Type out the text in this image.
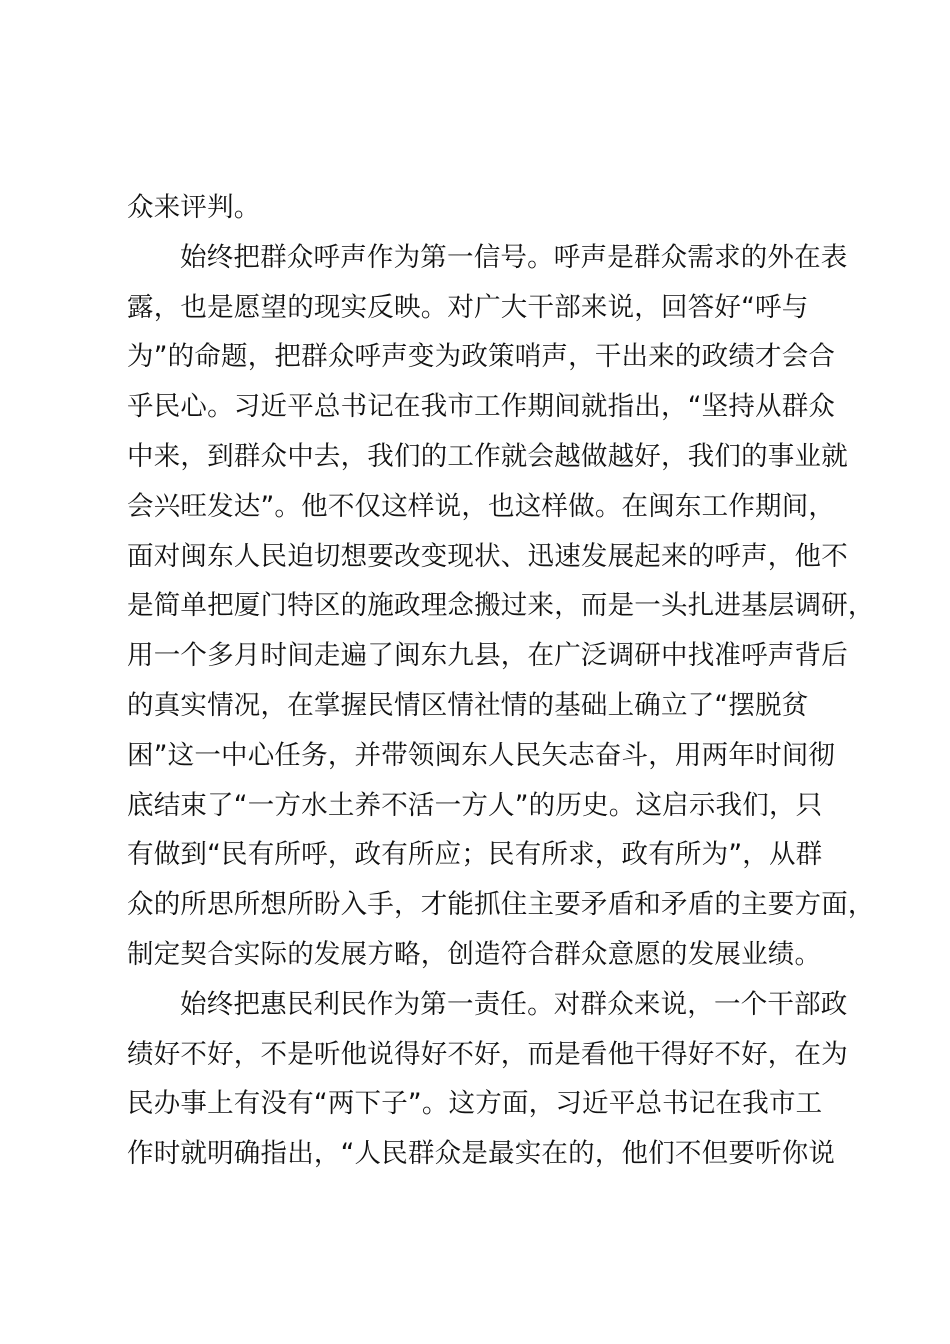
众来评判。
始终把群众呼声作为第一信号。呼声是群众需求的外在表
露，也是愿望的现实反映。对广大干部来说，回答好“呼与
为”的命题，把群众呼声变为政策哨声，干出来的政绩才会合
乎民心。习近平总书记在我市工作期间就指出，“坚持从群众
中来，到群众中去，我们的工作就会越做越好，我们的事业就
会兴旺发达”。他不仅这样说，也这样做。在闽东工作期间，
面对闽东人民迫切想要改变现状、迅速发展起来的呼声，他不
是简单把厦门特区的施政理念搬过来，而是一头扎进基层调研，
用一个多月时间走遍了闽东九县，在广泛调研中找准呼声背后
的真实情况，在掌握民情区情社情的基础上确立了“摆脱贫
困”这一中心任务，并带领闽东人民矢志奋斗，用两年时间彻
底结束了“一方水土养不活一方人”的历史。这启示我们，只
有做到“民有所呼，政有所应；民有所求，政有所为”，从群
众的所思所想所盼入手，才能抓住主要矛盾和矛盾的主要方面，
制定契合实际的发展方略，创造符合群众意愿的发展业绩。
始终把惠民利民作为第一责任。对群众来说，一个干部政
绩好不好，不是听他说得好不好，而是看他干得好不好，在为
民办事上有没有“两下子”。这方面，习近平总书记在我市工
作时就明确指出，“人民群众是最实在的，他们不但要听你说
